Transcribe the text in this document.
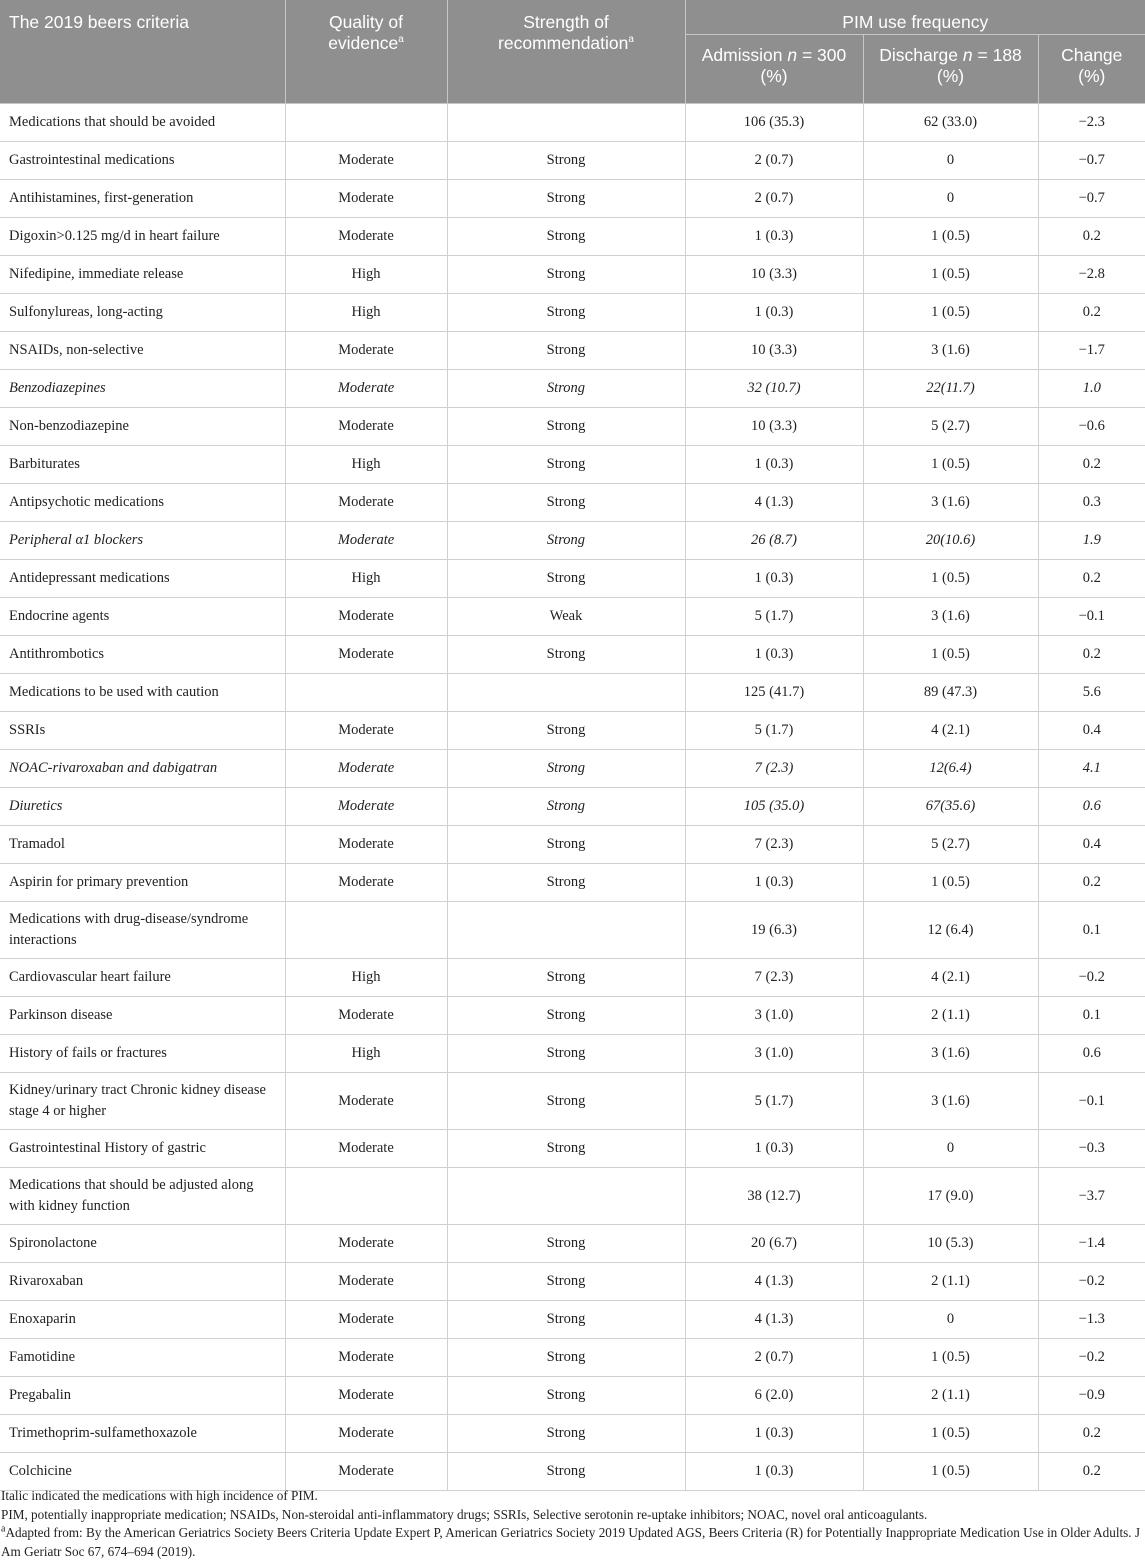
The 2019 beers criteria	Quality of evidence$^a$	Strength of recommendation$^a$	PIM use frequency		
			Admission n = 300 (%)	Discharge n = 188 (%)	Change (%)
Medications that should be avoided			106 (35.3)	62 (33.0)	−2.3
Gastrointestinal medications	Moderate	Strong	2 (0.7)	0	−0.7
Antihistamines, first-generation	Moderate	Strong	2 (0.7)	0	−0.7
Digoxin>0.125 mg/d in heart failure	Moderate	Strong	1 (0.3)	1 (0.5)	0.2
Nifedipine, immediate release	High	Strong	10 (3.3)	1 (0.5)	−2.8
Sulfonylureas, long-acting	High	Strong	1 (0.3)	1 (0.5)	0.2
NSAIDs, non-selective	Moderate	Strong	10 (3.3)	3 (1.6)	−1.7
Benzodiazepines	Moderate	Strong	32 (10.7)	22(11.7)	1.0
Non-benzodiazepine	Moderate	Strong	10 (3.3)	5 (2.7)	−0.6
Barbiturates	High	Strong	1 (0.3)	1 (0.5)	0.2
Antipsychotic medications	Moderate	Strong	4 (1.3)	3 (1.6)	0.3
Peripheral α1 blockers	Moderate	Strong	26 (8.7)	20(10.6)	1.9
Antidepressant medications	High	Strong	1 (0.3)	1 (0.5)	0.2
Endocrine agents	Moderate	Weak	5 (1.7)	3 (1.6)	−0.1
Antithrombotics	Moderate	Strong	1 (0.3)	1 (0.5)	0.2
Medications to be used with caution			125 (41.7)	89 (47.3)	5.6
SSRIs	Moderate	Strong	5 (1.7)	4 (2.1)	0.4
NOAC-rivaroxaban and dabigatran	Moderate	Strong	7 (2.3)	12(6.4)	4.1
Diuretics	Moderate	Strong	105 (35.0)	67(35.6)	0.6
Tramadol	Moderate	Strong	7 (2.3)	5 (2.7)	0.4
Aspirin for primary prevention	Moderate	Strong	1 (0.3)	1 (0.5)	0.2
Medications with drug-disease/syndrome interactions			19 (6.3)	12 (6.4)	0.1
Cardiovascular heart failure	High	Strong	7 (2.3)	4 (2.1)	−0.2
Parkinson disease	Moderate	Strong	3 (1.0)	2 (1.1)	0.1
History of fails or fractures	High	Strong	3 (1.0)	3 (1.6)	0.6
Kidney/urinary tract Chronic kidney disease stage 4 or higher	Moderate	Strong	5 (1.7)	3 (1.6)	−0.1
Gastrointestinal History of gastric	Moderate	Strong	1 (0.3)	0	−0.3
Medications that should be adjusted along with kidney function			38 (12.7)	17 (9.0)	−3.7
Spironolactone	Moderate	Strong	20 (6.7)	10 (5.3)	−1.4
Rivaroxaban	Moderate	Strong	4 (1.3)	2 (1.1)	−0.2
Enoxaparin	Moderate	Strong	4 (1.3)	0	−1.3
Famotidine	Moderate	Strong	2 (0.7)	1 (0.5)	−0.2
Pregabalin	Moderate	Strong	6 (2.0)	2 (1.1)	−0.9
Trimethoprim-sulfamethoxazole	Moderate	Strong	1 (0.3)	1 (0.5)	0.2
Colchicine	Moderate	Strong	1 (0.3)	1 (0.5)	0.2

Italic indicated the medications with high incidence of PIM.

PIM, potentially inappropriate medication; NSAIDs, Non-steroidal anti-inflammatory drugs; SSRIs, Selective serotonin re-uptake inhibitors; NOAC, novel oral anticoagulants.

$^a$Adapted from: By the American Geriatrics Society Beers Criteria Update Expert P, American Geriatrics Society 2019 Updated AGS, Beers Criteria (R) for Potentially Inappropriate Medication Use in Older Adults. J Am Geriatr Soc 67, 674–694 (2019).
